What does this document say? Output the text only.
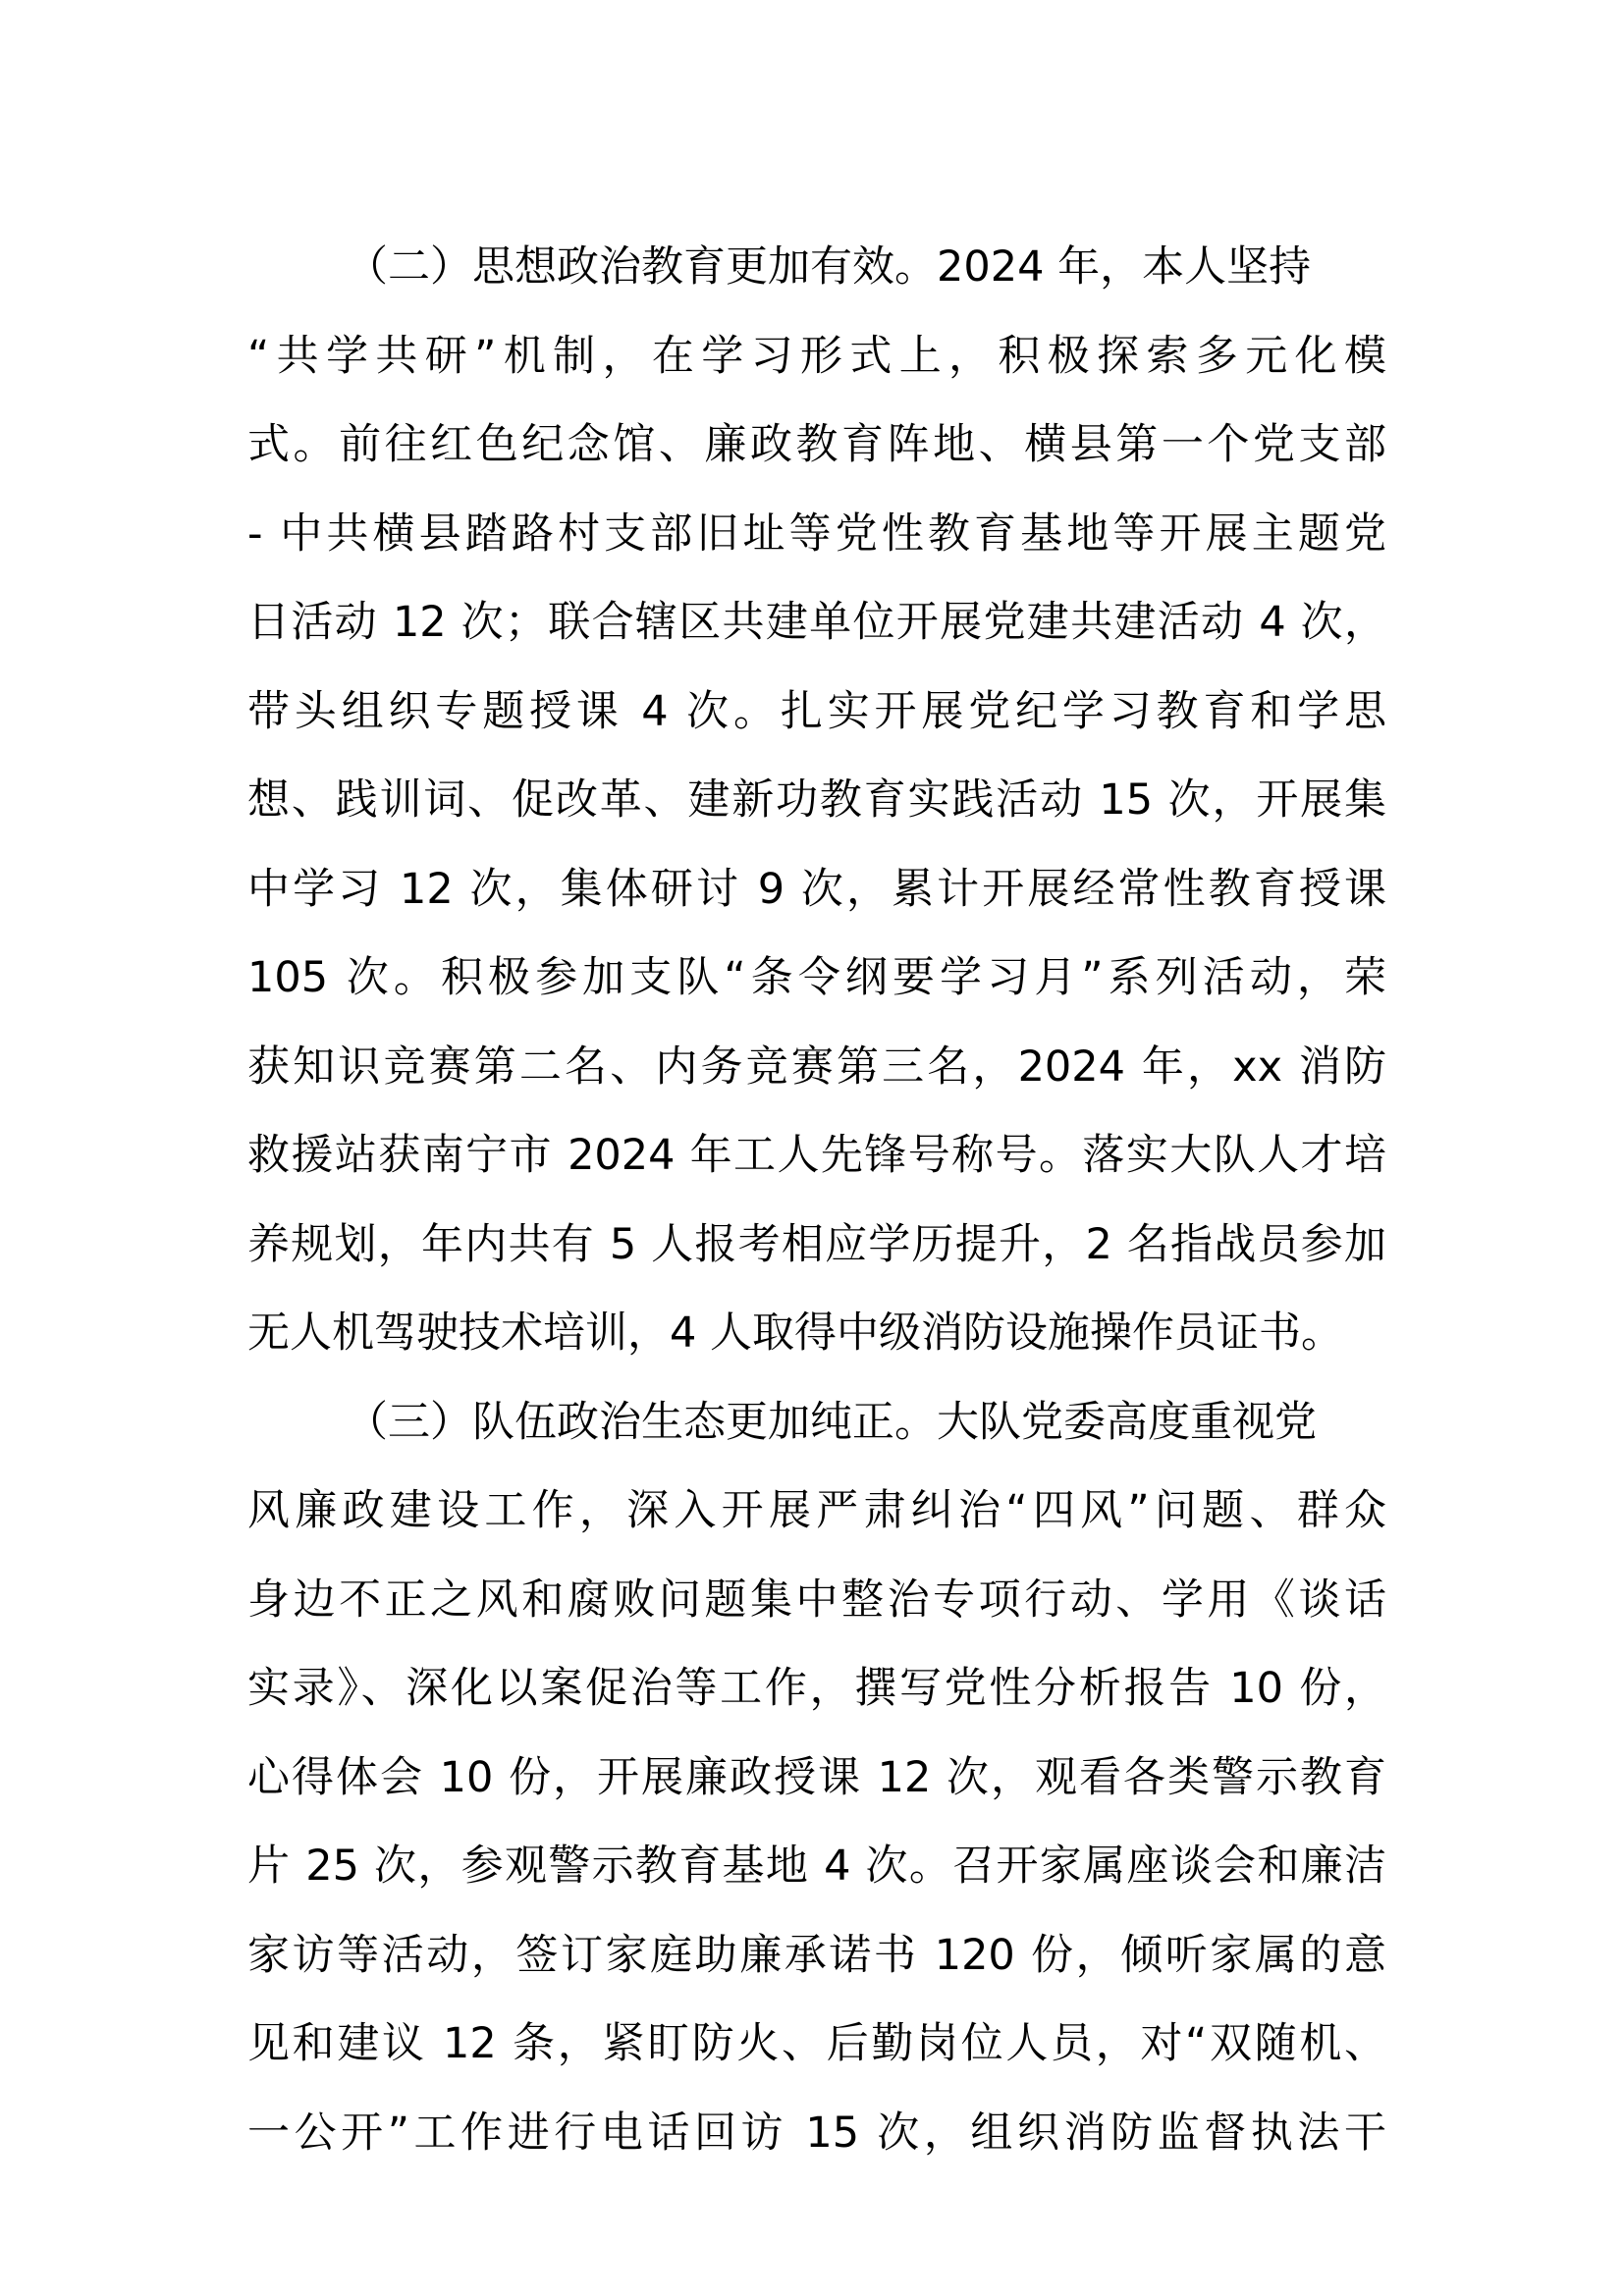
（二）思想政治教育更加有效。2024 年，本人坚持
“共学共研”机制，在学习形式上，积极探索多元化模
式。前往红色纪念馆、廉政教育阵地、横县第一个党支部
- 中共横县踏路村支部旧址等党性教育基地等开展主题党
日活动 12 次；联合辖区共建单位开展党建共建活动 4 次，
带头组织专题授课 4 次。扎实开展党纪学习教育和学思
想、践训词、促改革、建新功教育实践活动 15 次，开展集
中学习 12 次，集体研讨 9 次，累计开展经常性教育授课
105 次。积极参加支队“条令纲要学习月”系列活动，荣
获知识竞赛第二名、内务竞赛第三名，2024 年，xx 消防
救援站获南宁市 2024 年工人先锋号称号。落实大队人才培
养规划，年内共有 5 人报考相应学历提升，2 名指战员参加
无人机驾驶技术培训，4 人取得中级消防设施操作员证书。
（三）队伍政治生态更加纯正。大队党委高度重视党
风廉政建设工作，深入开展严肃纠治“四风”问题、群众
身边不正之风和腐败问题集中整治专项行动、学用《谈话
实录》、深化以案促治等工作，撰写党性分析报告 10 份，
心得体会 10 份，开展廉政授课 12 次，观看各类警示教育
片 25 次，参观警示教育基地 4 次。召开家属座谈会和廉洁
家访等活动，签订家庭助廉承诺书 120 份，倾听家属的意
见和建议 12 条，紧盯防火、后勤岗位人员，对“双随机、
一公开”工作进行电话回访 15 次，组织消防监督执法干
